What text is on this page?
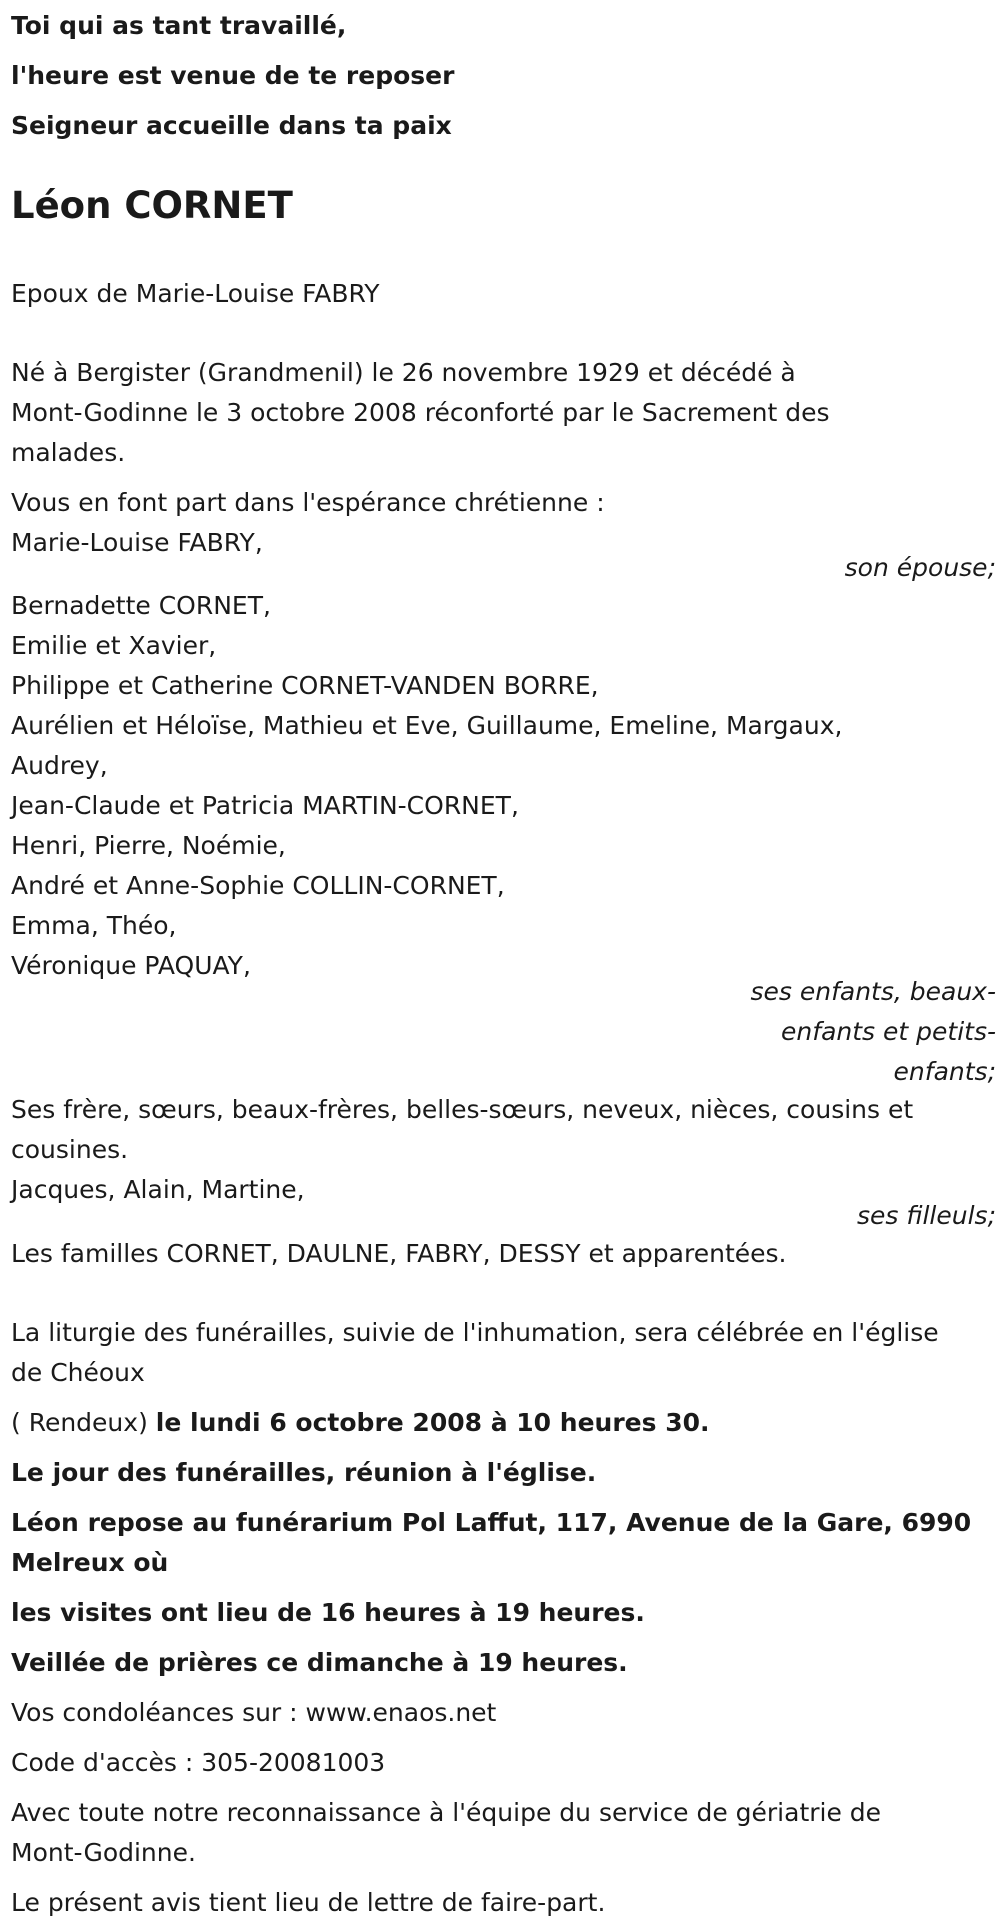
Toi qui as tant travaillé,

l'heure est venue de te reposer

Seigneur accueille dans ta paix

Léon CORNET

Epoux de Marie-Louise FABRY

Né à Bergister (Grandmenil) le 26 novembre 1929 et décédé à

Mont-Godinne le 3 octobre 2008 réconforté par le Sacrement des

malades.

Vous en font part dans l'espérance chrétienne :

Marie-Louise FABRY,

son épouse;

Bernadette CORNET,

Emilie et Xavier,

Philippe et Catherine CORNET-VANDEN BORRE,

Aurélien et Héloïse, Mathieu et Eve, Guillaume, Emeline, Margaux,

Audrey,

Jean-Claude et Patricia MARTIN-CORNET,

Henri, Pierre, Noémie,

André et Anne-Sophie COLLIN-CORNET,

Emma, Théo,

Véronique PAQUAY,

ses enfants, beaux-

enfants et petits-

enfants;

Ses frère, sœurs, beaux-frères, belles-sœurs, neveux, nièces, cousins et

cousines.

Jacques, Alain, Martine,

ses filleuls;

Les familles CORNET, DAULNE, FABRY, DESSY et apparentées.

La liturgie des funérailles, suivie de l'inhumation, sera célébrée en l'église

de Chéoux

( Rendeux) le lundi 6 octobre 2008 à 10 heures 30.

Le jour des funérailles, réunion à l'église.

Léon repose au funérarium Pol Laffut, 117, Avenue de la Gare, 6990

Melreux où

les visites ont lieu de 16 heures à 19 heures.

Veillée de prières ce dimanche à 19 heures.

Vos condoléances sur : www.enaos.net

Code d'accès : 305-20081003

Avec toute notre reconnaissance à l'équipe du service de gériatrie de

Mont-Godinne.

Le présent avis tient lieu de lettre de faire-part.
